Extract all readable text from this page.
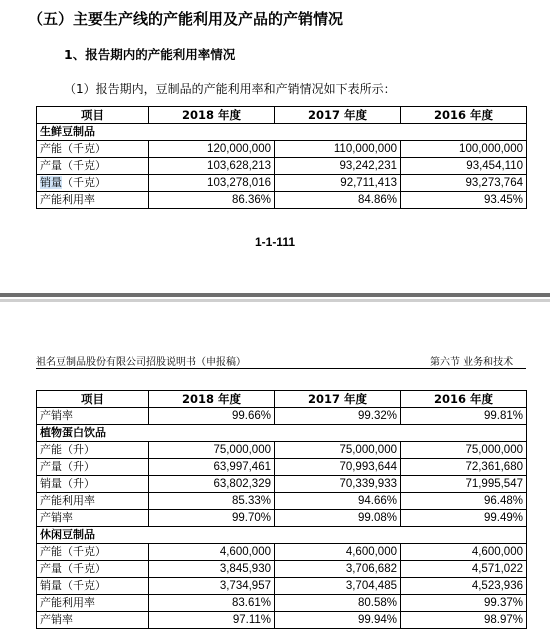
（五）主要生产线的产能利用及产品的产销情况
1、报告期内的产能利用率情况
（1）报告期内，豆制品的产能利用率和产销情况如下表所示：
项目	2018 年度	2017 年度	2016 年度
生鲜豆制品			
产能（千克）	120,000,000	110,000,000	100,000,000
产量（千克）	103,628,213	93,242,231	93,454,110
销量（千克）	103,278,016	92,711,413	93,273,764
产能利用率	86.36%	84.86%	93.45%
1-1-111
祖名豆制品股份有限公司招股说明书（申报稿）	第六节 业务和技术
项目	2018 年度	2017 年度	2016 年度
产销率	99.66%	99.32%	99.81%
植物蛋白饮品			
产能（升）	75,000,000	75,000,000	75,000,000
产量（升）	63,997,461	70,993,644	72,361,680
销量（升）	63,802,329	70,339,933	71,995,547
产能利用率	85.33%	94.66%	96.48%
产销率	99.70%	99.08%	99.49%
休闲豆制品			
产能（千克）	4,600,000	4,600,000	4,600,000
产量（千克）	3,845,930	3,706,682	4,571,022
销量（千克）	3,734,957	3,704,485	4,523,936
产能利用率	83.61%	80.58%	99.37%
产销率	97.11%	99.94%	98.97%
